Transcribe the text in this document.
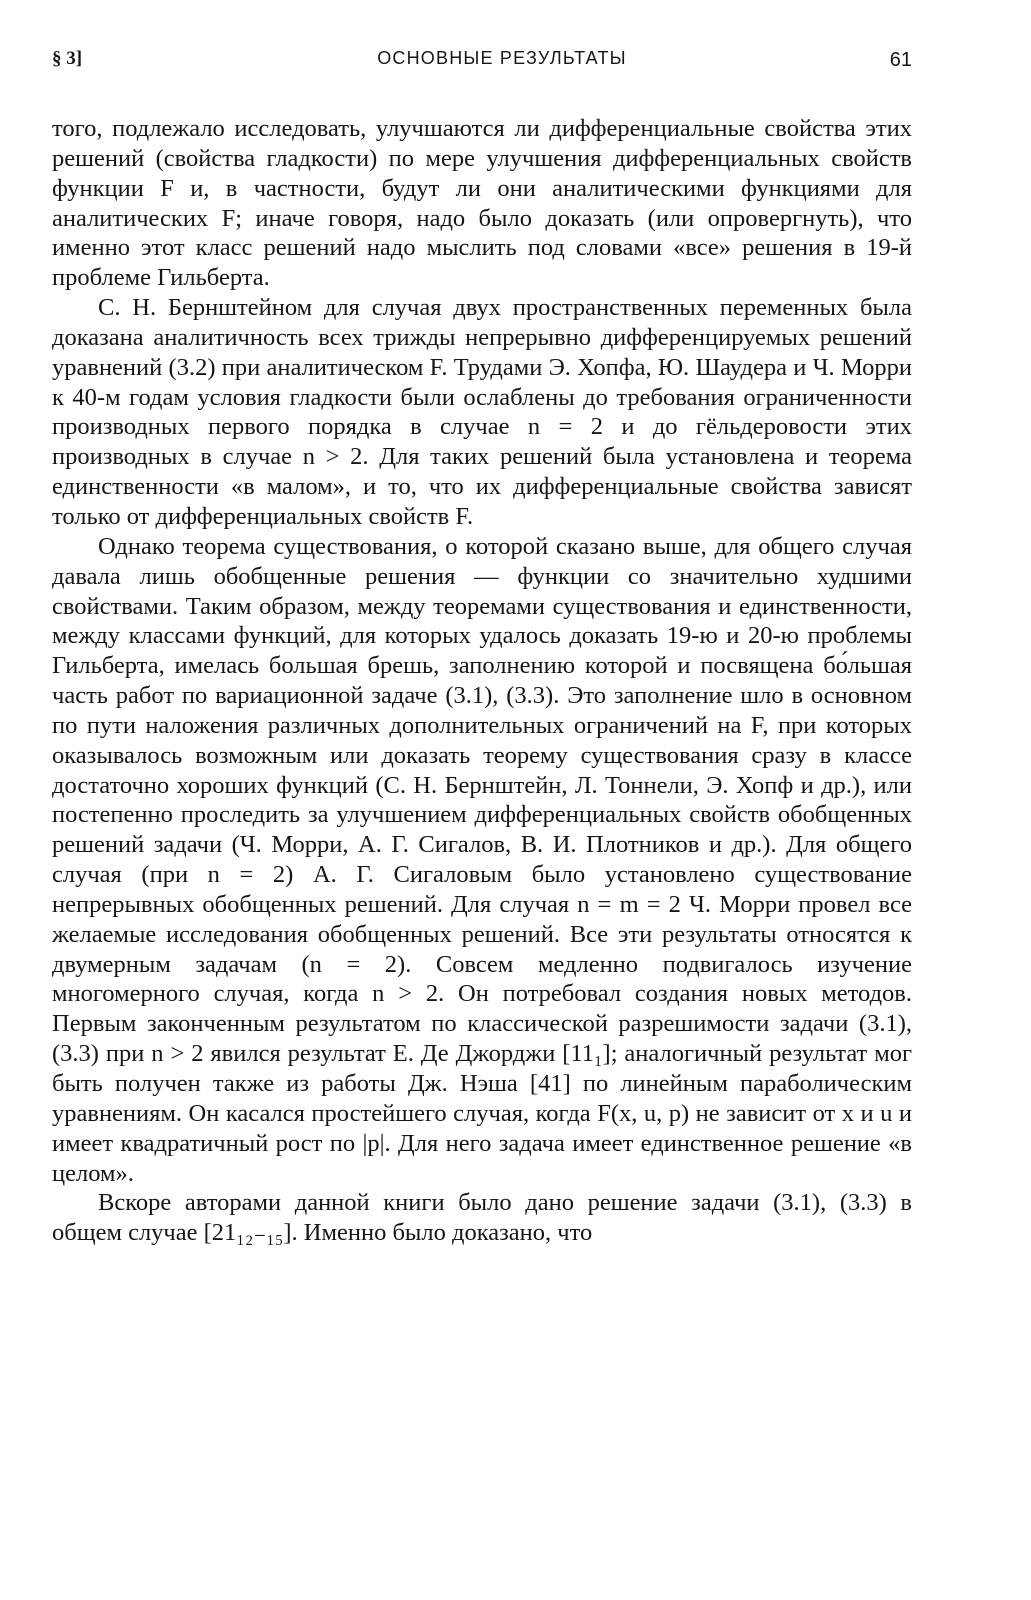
§ 3]	ОСНОВНЫЕ РЕЗУЛЬТАТЫ	61

того, подлежало исследовать, улучшаются ли дифференциальные свойства этих решений (свойства гладкости) по мере улучшения дифференциальных свойств функции F и, в частности, будут ли они аналитическими функциями для аналитических F; иначе говоря, надо было доказать (или опровергнуть), что именно этот класс решений надо мыслить под словами «все» решения в 19-й проблеме Гильберта.

С. Н. Бернштейном для случая двух пространственных переменных была доказана аналитичность всех трижды непрерывно дифференцируемых решений уравнений (3.2) при аналитическом F. Трудами Э. Хопфа, Ю. Шаудера и Ч. Морри к 40-м годам условия гладкости были ослаблены до требования ограниченности производных первого порядка в случае n = 2 и до гёльдеровости этих производных в случае n > 2. Для таких решений была установлена и теорема единственности «в малом», и то, что их дифференциальные свойства зависят только от дифференциальных свойств F.

Однако теорема существования, о которой сказано выше, для общего случая давала лишь обобщенные решения — функции со значительно худшими свойствами. Таким образом, между теоремами существования и единственности, между классами функций, для которых удалось доказать 19-ю и 20-ю проблемы Гильберта, имелась большая брешь, заполнению которой и посвящена бо́льшая часть работ по вариационной задаче (3.1), (3.3). Это заполнение шло в основном по пути наложения различных дополнительных ограничений на F, при которых оказывалось возможным или доказать теорему существования сразу в классе достаточно хороших функций (С. Н. Бернштейн, Л. Тоннели, Э. Хопф и др.), или постепенно проследить за улучшением дифференциальных свойств обобщенных решений задачи (Ч. Морри, А. Г. Сигалов, В. И. Плотников и др.). Для общего случая (при n = 2) А. Г. Сигаловым было установлено существование непрерывных обобщенных решений. Для случая n = m = 2 Ч. Морри провел все желаемые исследования обобщенных решений. Все эти результаты относятся к двумерным задачам (n = 2). Совсем медленно подвигалось изучение многомерного случая, когда n > 2. Он потребовал создания новых методов. Первым законченным результатом по классической разрешимости задачи (3.1), (3.3) при n > 2 явился результат Е. Де Джорджи [11₁]; аналогичный результат мог быть получен также из работы Дж. Нэша [41] по линейным параболическим уравнениям. Он касался простейшего случая, когда F(x, u, p) не зависит от x и u и имеет квадратичный рост по |p|. Для него задача имеет единственное решение «в целом».

Вскоре авторами данной книги было дано решение задачи (3.1), (3.3) в общем случае [21₁₂₋₁₅]. Именно было доказано, что
